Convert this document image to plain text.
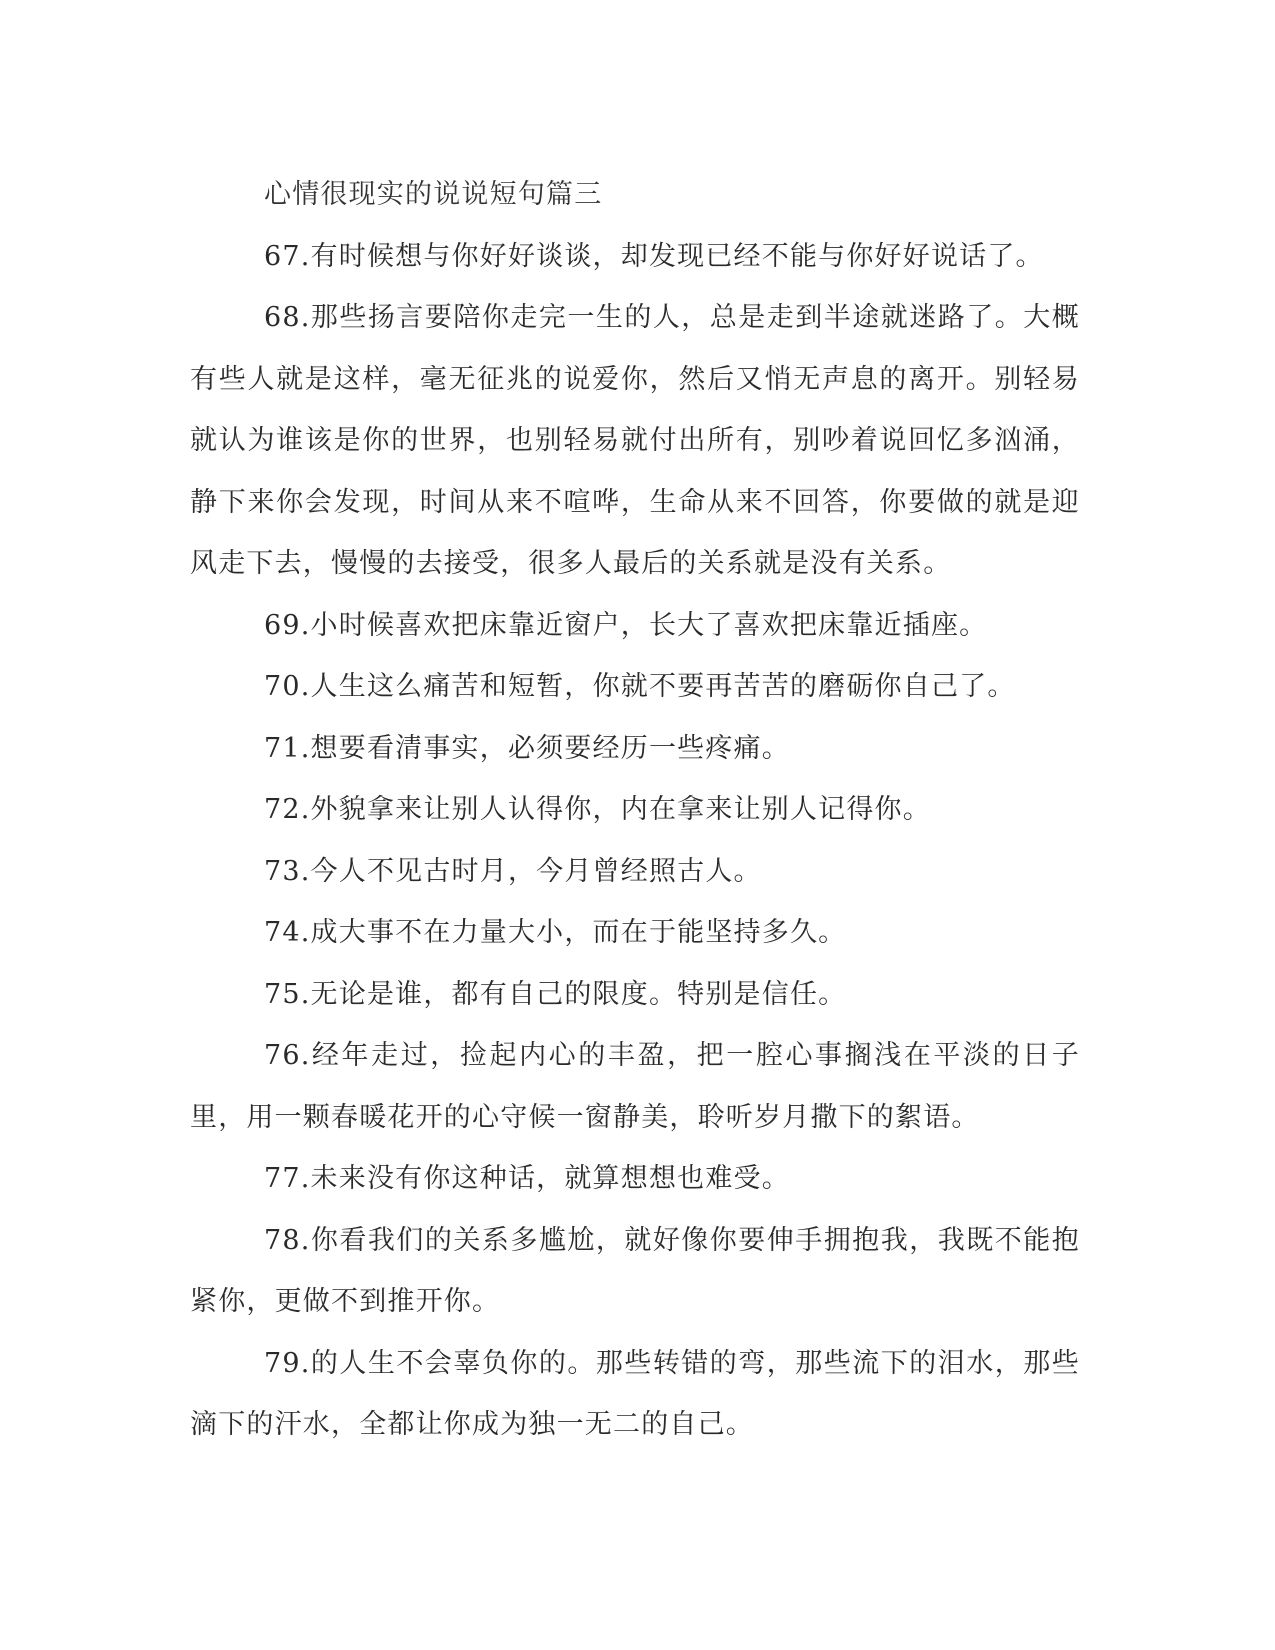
心情很现实的说说短句篇三

67.有时候想与你好好谈谈，却发现已经不能与你好好说话了。

68.那些扬言要陪你走完一生的人，总是走到半途就迷路了。大概有些人就是这样，毫无征兆的说爱你，然后又悄无声息的离开。别轻易就认为谁该是你的世界，也别轻易就付出所有，别吵着说回忆多汹涌，静下来你会发现，时间从来不喧哗，生命从来不回答，你要做的就是迎风走下去，慢慢的去接受，很多人最后的关系就是没有关系。

69.小时候喜欢把床靠近窗户，长大了喜欢把床靠近插座。

70.人生这么痛苦和短暂，你就不要再苦苦的磨砺你自己了。

71.想要看清事实，必须要经历一些疼痛。

72.外貌拿来让别人认得你，内在拿来让别人记得你。

73.今人不见古时月，今月曾经照古人。

74.成大事不在力量大小，而在于能坚持多久。

75.无论是谁，都有自己的限度。特别是信任。

76.经年走过，捡起内心的丰盈，把一腔心事搁浅在平淡的日子里，用一颗春暖花开的心守候一窗静美，聆听岁月撒下的絮语。

77.未来没有你这种话，就算想想也难受。

78.你看我们的关系多尴尬，就好像你要伸手拥抱我，我既不能抱紧你，更做不到推开你。

79.的人生不会辜负你的。那些转错的弯，那些流下的泪水，那些滴下的汗水，全都让你成为独一无二的自己。
